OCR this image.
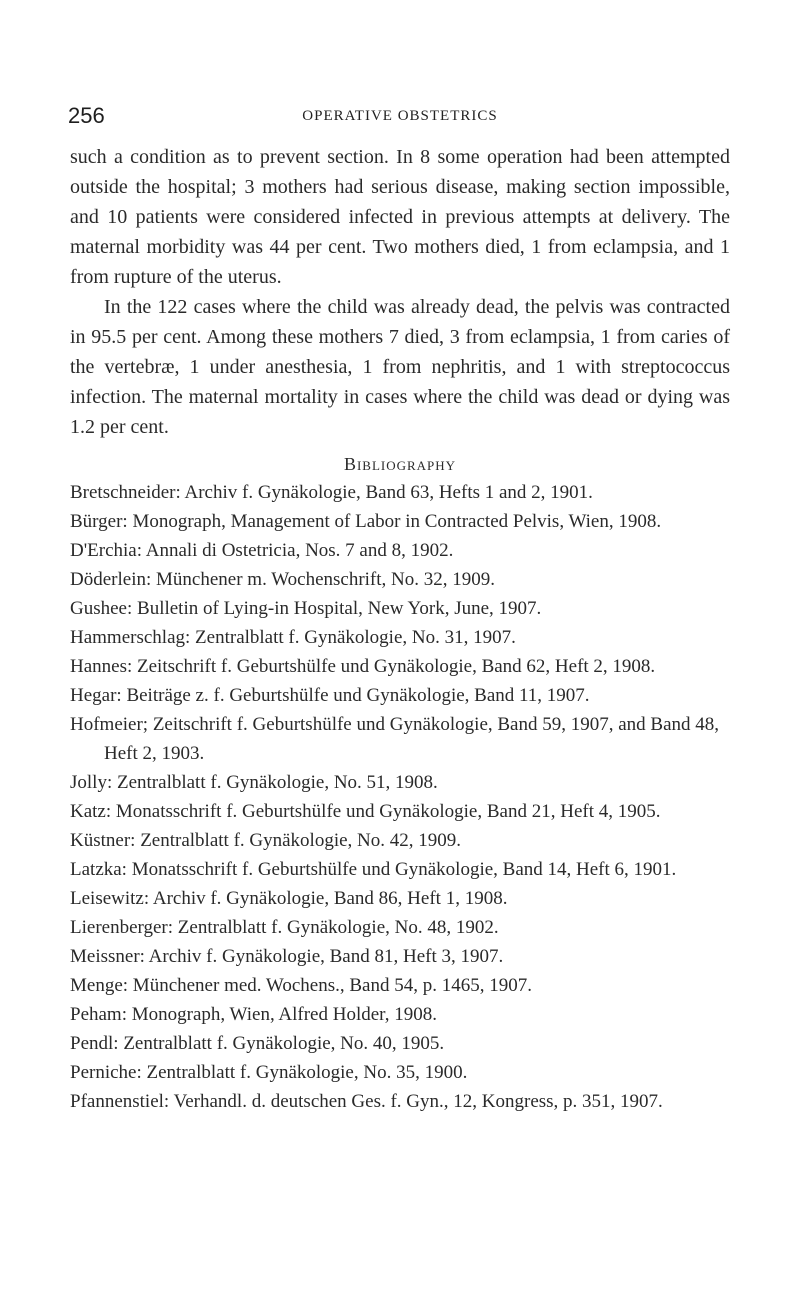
256	OPERATIVE OBSTETRICS

such a condition as to prevent section. In 8 some operation had been attempted outside the hospital; 3 mothers had serious disease, making section impossible, and 10 patients were considered infected in previous attempts at delivery. The maternal morbidity was 44 per cent. Two mothers died, 1 from eclampsia, and 1 from rupture of the uterus.

In the 122 cases where the child was already dead, the pelvis was contracted in 95.5 per cent. Among these mothers 7 died, 3 from eclampsia, 1 from caries of the vertebræ, 1 under anesthesia, 1 from nephritis, and 1 with streptococcus infection. The maternal mortality in cases where the child was dead or dying was 1.2 per cent.

Bibliography
Bretschneider: Archiv f. Gynäkologie, Band 63, Hefts 1 and 2, 1901.
Bürger: Monograph, Management of Labor in Contracted Pelvis, Wien, 1908.
D'Erchia: Annali di Ostetricia, Nos. 7 and 8, 1902.
Döderlein: Münchener m. Wochenschrift, No. 32, 1909.
Gushee: Bulletin of Lying-in Hospital, New York, June, 1907.
Hammerschlag: Zentralblatt f. Gynäkologie, No. 31, 1907.
Hannes: Zeitschrift f. Geburtshülfe und Gynäkologie, Band 62, Heft 2, 1908.
Hegar: Beiträge z. f. Geburtshülfe und Gynäkologie, Band 11, 1907.
Hofmeier; Zeitschrift f. Geburtshülfe und Gynäkologie, Band 59, 1907, and Band 48, Heft 2, 1903.
Jolly: Zentralblatt f. Gynäkologie, No. 51, 1908.
Katz: Monatsschrift f. Geburtshülfe und Gynäkologie, Band 21, Heft 4, 1905.
Küstner: Zentralblatt f. Gynäkologie, No. 42, 1909.
Latzka: Monatsschrift f. Geburtshülfe und Gynäkologie, Band 14, Heft 6, 1901.
Leisewitz: Archiv f. Gynäkologie, Band 86, Heft 1, 1908.
Lierenberger: Zentralblatt f. Gynäkologie, No. 48, 1902.
Meissner: Archiv f. Gynäkologie, Band 81, Heft 3, 1907.
Menge: Münchener med. Wochens., Band 54, p. 1465, 1907.
Peham: Monograph, Wien, Alfred Holder, 1908.
Pendl: Zentralblatt f. Gynäkologie, No. 40, 1905.
Perniche: Zentralblatt f. Gynäkologie, No. 35, 1900.
Pfannenstiel: Verhandl. d. deutschen Ges. f. Gyn., 12, Kongress, p. 351, 1907.
